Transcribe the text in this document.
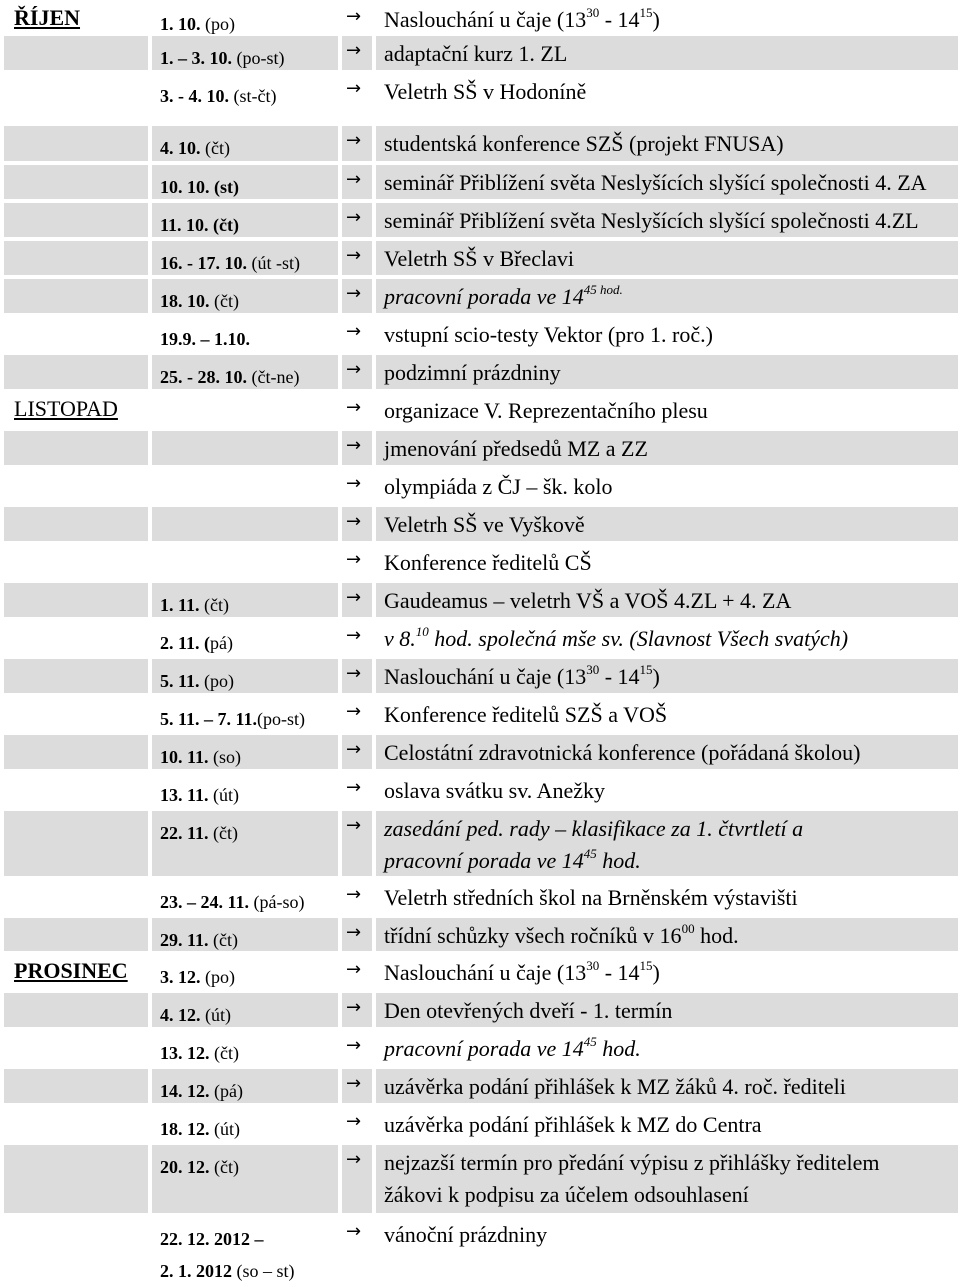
ŘÍJEN	1. 10. (po)	→ Naslouchání u čaje $(13^{30} - 14^{15})$
1. – 3. 10. (po-st)	→ adaptační kurz 1. ZL
3. - 4. 10. (st-čt)	→ Veletrh SŠ v Hodoníně
4. 10. (čt)	→ studentská konference SZŠ (projekt FNUSA)
10. 10. (st)	→ seminář Přiblížení světa Neslyšících slyšící společnosti 4. ZA
11. 10. (čt)	→ seminář Přiblížení světa Neslyšících slyšící společnosti 4.ZL
16. - 17. 10. (út -st)	→ Veletrh SŠ v Břeclavi
18. 10. (čt)	→ pracovní porada ve $14^{45 hod.}$
19.9. – 1.10.	→ vstupní scio-testy Vektor (pro 1. roč.)
25. - 28. 10. (čt-ne)	→ podzimní prázdniny
LISTOPAD	→ organizace V. Reprezentačního plesu
→ jmenování předsedů MZ a ZZ
→ olympiáda z ČJ – šk. kolo
→ Veletrh SŠ ve Vyškově
→ Konference ředitelů CŠ
1. 11. (čt)	→ Gaudeamus – veletrh VŠ a VOŠ 4.ZL + 4. ZA
2. 11. (pá)	→ v 8.10 hod. společná mše sv. (Slavnost Všech svatých)
5. 11. (po)	→ Naslouchání u čaje $(13^{30} - 14^{15})$
5. 11. – 7. 11.(po-st) → Konference ředitelů SZŠ a VOŠ
10. 11. (so)	→ Celostátní zdravotnická konference (pořádaná školou)
13. 11. (út)	→ oslava svátku sv. Anežky
22. 11. (čt)	→ zasedání ped. rady – klasifikace za 1. čtvrtletí a
pracovní porada ve $14^{45}$ hod.
23. – 24. 11. (pá-so) → Veletrh středních škol na Brněnském výstavišti
29. 11. (čt)	→ třídní schůzky všech ročníků v $16^{00}$ hod.
PROSINEC 3. 12. (po)	→ Naslouchání u čaje $(13^{30} - 14^{15})$
4. 12. (út)	→ Den otevřených dveří - 1. termín
13. 12. (čt)	→ pracovní porada ve $14^{45}$ hod.
14. 12. (pá)	→ uzávěrka podání přihlášek k MZ žáků 4. roč. řediteli
18. 12. (út)	→ uzávěrka podání přihlášek k MZ do Centra
20. 12. (čt)	→ nejzazší termín pro předání výpisu z přihlášky ředitelem
žákovi k podpisu za účelem odsouhlasení
22. 12. 2012 –
2. 1. 2012 (so – st)
→ vánoční prázdniny
